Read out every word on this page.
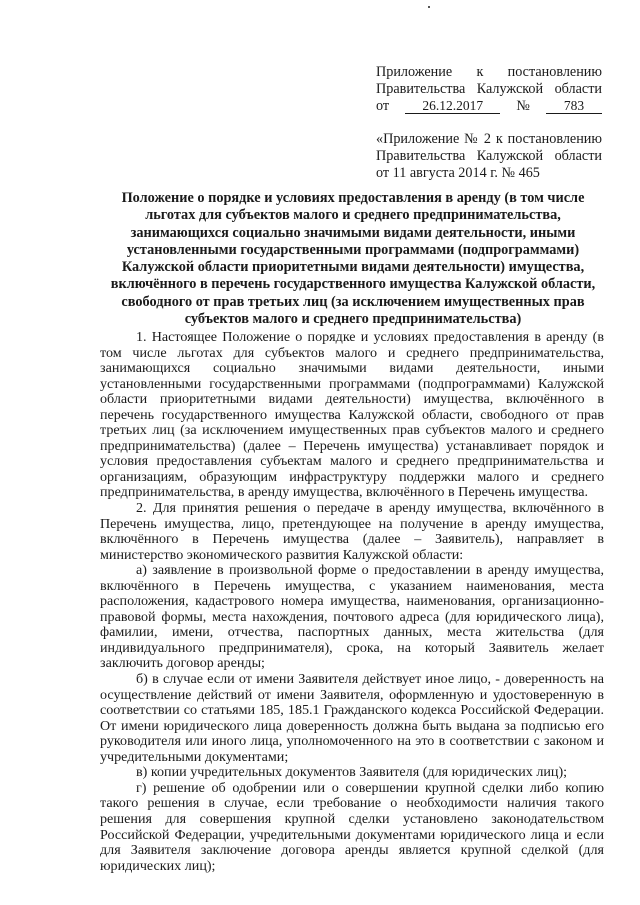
Приложение к постановлению
Правительства Калужской области
от	26.12.2017	№	783
«Приложение № 2 к постановлению
Правительства Калужской области
от 11 августа 2014 г. № 465
Положение о порядке и условиях предоставления в аренду (в том числе льготах для субъектов малого и среднего предпринимательства, занимающихся социально значимыми видами деятельности, иными установленными государственными программами (подпрограммами) Калужской области приоритетными видами деятельности) имущества, включённого в перечень государственного имущества Калужской области, свободного от прав третьих лиц (за исключением имущественных прав субъектов малого и среднего предпринимательства)

1. Настоящее Положение о порядке и условиях предоставления в аренду (в том числе льготах для субъектов малого и среднего предпринимательства, занимающихся социально значимыми видами деятельности, иными установленными государственными программами (подпрограммами) Калужской области приоритетными видами деятельности) имущества, включённого в перечень государственного имущества Калужской области, свободного от прав третьих лиц (за исключением имущественных прав субъектов малого и среднего предпринимательства) (далее – Перечень имущества) устанавливает порядок и условия предоставления субъектам малого и среднего предпринимательства и организациям, образующим инфраструктуру поддержки малого и среднего предпринимательства, в аренду имущества, включённого в Перечень имущества.

2. Для принятия решения о передаче в аренду имущества, включённого в Перечень имущества, лицо, претендующее на получение в аренду имущества, включённого в Перечень имущества (далее – Заявитель), направляет в министерство экономического развития Калужской области:

а) заявление в произвольной форме о предоставлении в аренду имущества, включённого в Перечень имущества, с указанием наименования, места расположения, кадастрового номера имущества, наименования, организационно-правовой формы, места нахождения, почтового адреса (для юридического лица), фамилии, имени, отчества, паспортных данных, места жительства (для индивидуального предпринимателя), срока, на который Заявитель желает заключить договор аренды;

б) в случае если от имени Заявителя действует иное лицо, - доверенность на осуществление действий от имени Заявителя, оформленную и удостоверенную в соответствии со статьями 185, 185.1 Гражданского кодекса Российской Федерации. От имени юридического лица доверенность должна быть выдана за подписью его руководителя или иного лица, уполномоченного на это в соответствии с законом и учредительными документами;

в) копии учредительных документов Заявителя (для юридических лиц);

г) решение об одобрении или о совершении крупной сделки либо копию такого решения в случае, если требование о необходимости наличия такого решения для совершения крупной сделки установлено законодательством Российской Федерации, учредительными документами юридического лица и если для Заявителя заключение договора аренды является крупной сделкой (для юридических лиц);
